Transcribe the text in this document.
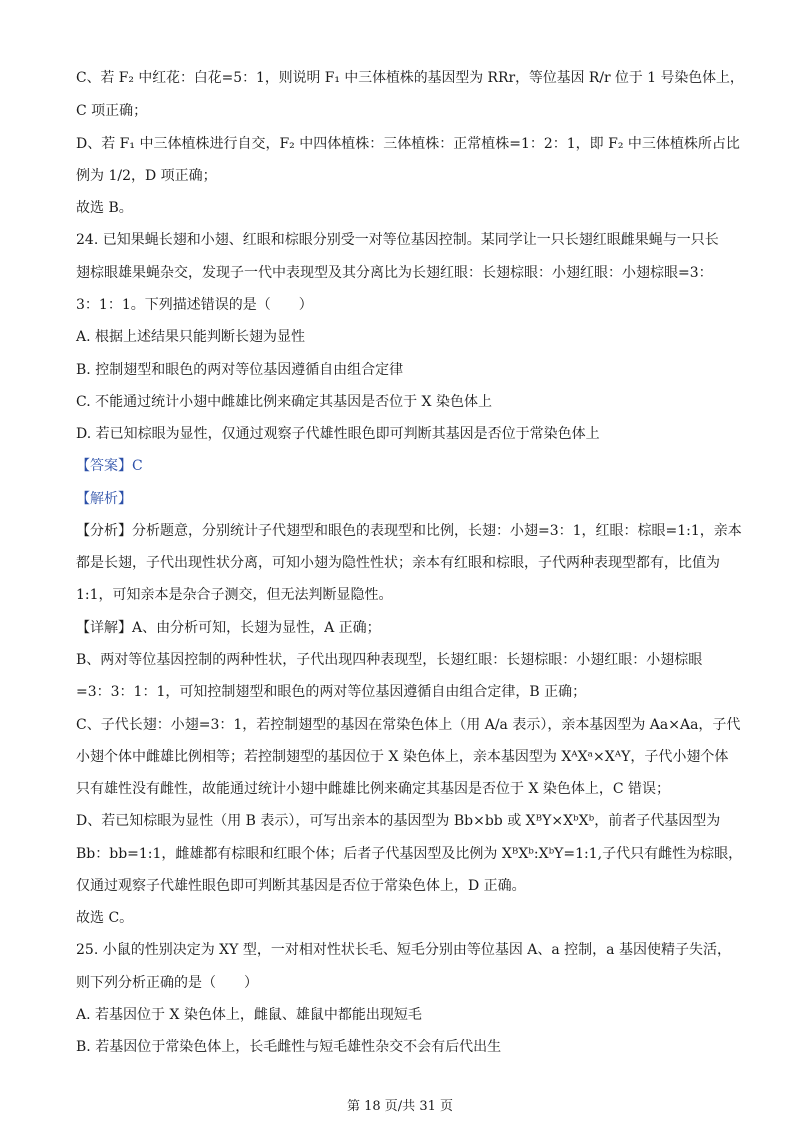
C、若 F₂ 中红花：白花=5：1，则说明 F₁ 中三体植株的基因型为 RRr，等位基因 R/r 位于 1 号染色体上，
C 项正确；
D、若 F₁ 中三体植株进行自交，F₂ 中四体植株：三体植株：正常植株=1：2：1，即 F₂ 中三体植株所占比
例为 1/2，D 项正确；
故选 B。
24. 已知果蝇长翅和小翅、红眼和棕眼分别受一对等位基因控制。某同学让一只长翅红眼雌果蝇与一只长
翅棕眼雄果蝇杂交，发现子一代中表现型及其分离比为长翅红眼：长翅棕眼：小翅红眼：小翅棕眼=3：
3：1：1。下列描述错误的是（　　）
A. 根据上述结果只能判断长翅为显性
B. 控制翅型和眼色的两对等位基因遵循自由组合定律
C. 不能通过统计小翅中雌雄比例来确定其基因是否位于 X 染色体上
D. 若已知棕眼为显性，仅通过观察子代雄性眼色即可判断其基因是否位于常染色体上
【答案】C
【解析】
【分析】分析题意，分别统计子代翅型和眼色的表现型和比例，长翅：小翅=3：1，红眼：棕眼=1:1，亲本
都是长翅，子代出现性状分离，可知小翅为隐性性状；亲本有红眼和棕眼，子代两种表现型都有，比值为
1:1，可知亲本是杂合子测交，但无法判断显隐性。
【详解】A、由分析可知，长翅为显性，A 正确；
B、两对等位基因控制的两种性状，子代出现四种表现型，长翅红眼：长翅棕眼：小翅红眼：小翅棕眼
=3：3：1：1，可知控制翅型和眼色的两对等位基因遵循自由组合定律，B 正确；
C、子代长翅：小翅=3：1，若控制翅型的基因在常染色体上（用 A/a 表示），亲本基因型为 Aa×Aa，子代
小翅个体中雌雄比例相等；若控制翅型的基因位于 X 染色体上，亲本基因型为 XᴬXᵃ×XᴬY，子代小翅个体
只有雄性没有雌性，故能通过统计小翅中雌雄比例来确定其基因是否位于 X 染色体上，C 错误；
D、若已知棕眼为显性（用 B 表示），可写出亲本的基因型为 Bb×bb 或 XᴮY×XᵇXᵇ，前者子代基因型为
Bb：bb=1:1，雌雄都有棕眼和红眼个体；后者子代基因型及比例为 XᴮXᵇ:XᵇY=1:1,子代只有雌性为棕眼，
仅通过观察子代雄性眼色即可判断其基因是否位于常染色体上，D 正确。
故选 C。
25. 小鼠的性别决定为 XY 型，一对相对性状长毛、短毛分别由等位基因 A、a 控制，a 基因使精子失活，
则下列分析正确的是（　　）
A. 若基因位于 X 染色体上，雌鼠、雄鼠中都能出现短毛
B. 若基因位于常染色体上，长毛雌性与短毛雄性杂交不会有后代出生
第 18 页/共 31 页
